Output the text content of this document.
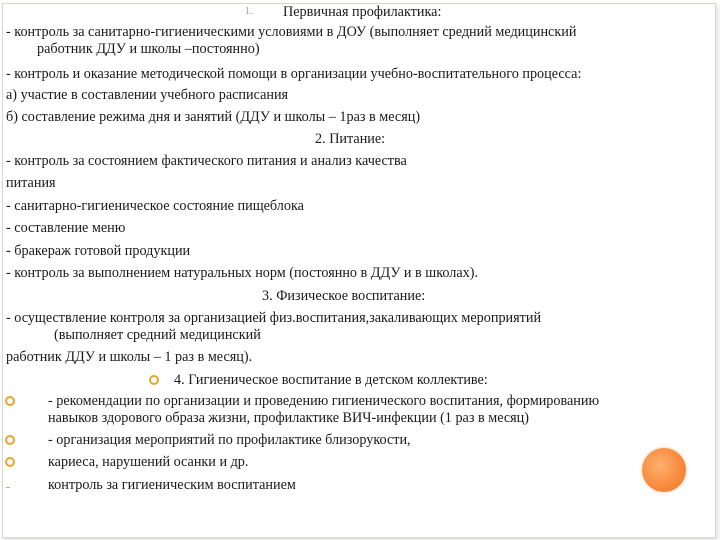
1. Первичная профилактика:
- контроль за санитарно-гигиеническими условиями в ДОУ (выполняет средний медицинский
работник ДДУ и школы –постоянно)
- контроль и оказание методической помощи в организации учебно-воспитательного процесса:
а) участие в составлении учебного расписания
б) составление режима дня и занятий (ДДУ и школы – 1раз в месяц)
2. Питание:
- контроль за состоянием фактического питания и анализ качества
питания
- санитарно-гигиеническое состояние пищеблока
- составление меню
- бракераж готовой продукции
- контроль за выполнением натуральных норм (постоянно в ДДУ и в школах).
3. Физическое воспитание:
- осуществление контроля за организацией физ.воспитания,закаливающих мероприятий
(выполняет средний медицинский
работник ДДУ и школы – 1 раз в месяц).
4. Гигиеническое воспитание в детском коллективе:
- рекомендации по организации и проведению гигиенического воспитания, формированию
навыков здорового образа жизни, профилактике ВИЧ-инфекции (1 раз в месяц)
- организация мероприятий по профилактике близорукости,
кариеса, нарушений осанки и др.
контроль за гигиеническим воспитанием
